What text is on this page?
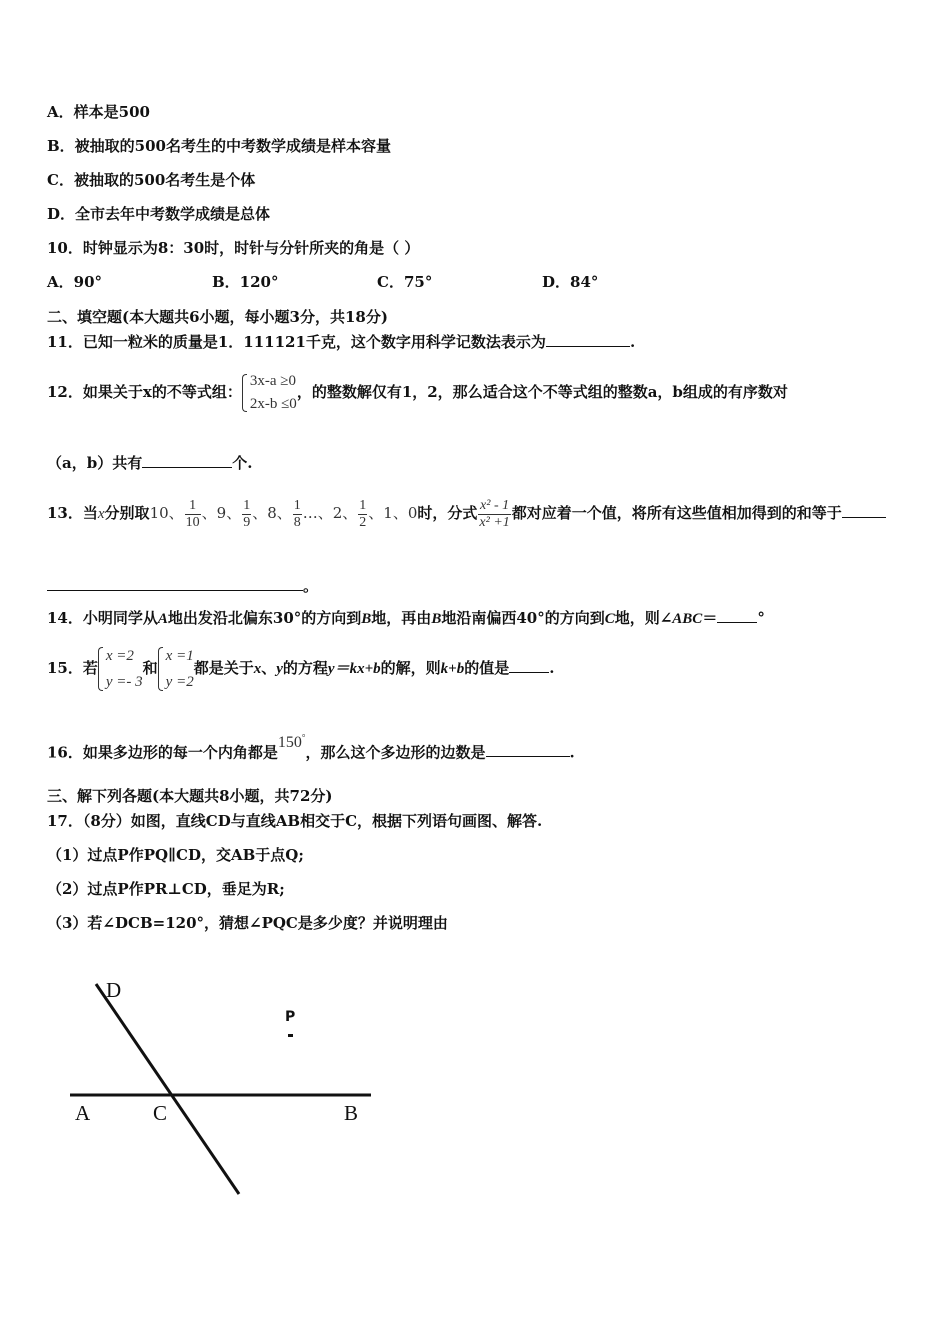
A．样本是500
B．被抽取的500名考生的中考数学成绩是样本容量
C．被抽取的500名考生是个体
D．全市去年中考数学成绩是总体
10．时钟显示为8：30时，时针与分针所夹的角是（ ）
A．90°	B．120°	C．75°	D．84°
二、填空题(本大题共6小题，每小题3分，共18分)
11．已知一粒米的质量是1．111121千克，这个数字用科学记数法表示为	.
12．如果关于x的不等式组：
3x-a ≥0
2x-b ≤0
，的整数解仅有1，2，那么适合这个不等式组的整数a，b组成的有序数对
（a，b）共有	个.
13．当x分别取10、 $\frac{1}{10}$ 、9、 $\frac{1}{9}$ 、8、 $\frac{1}{8}$ …、2、 $\frac{1}{2}$ 、1、0时，分式 $\frac{\text{x² - 1}}{\text{x² +1}}$ 都对应着一个值，将所有这些值相加得到的和等于
。
14．小明同学从A地出发沿北偏东30°的方向到B地，再由B地沿南偏西40°的方向到C地，则∠ABC＝	°
15．若
x =2
y =- 3
和
x =1
y =2
都是关于x、y的方程y＝kx+b的解，则k+b的值是	.
16．如果多边形的每一个内角都是150°，那么这个多边形的边数是	.
三、解下列各题(本大题共8小题，共72分)
17．（8分）如图，直线CD与直线AB相交于C，根据下列语句画图、解答.
（1）过点P作PQ∥CD，交AB于点Q;
（2）过点P作PR⊥CD，垂足为R;
（3）若∠DCB=120°，猜想∠PQC是多少度？并说明理由
D
P
A	C	B
